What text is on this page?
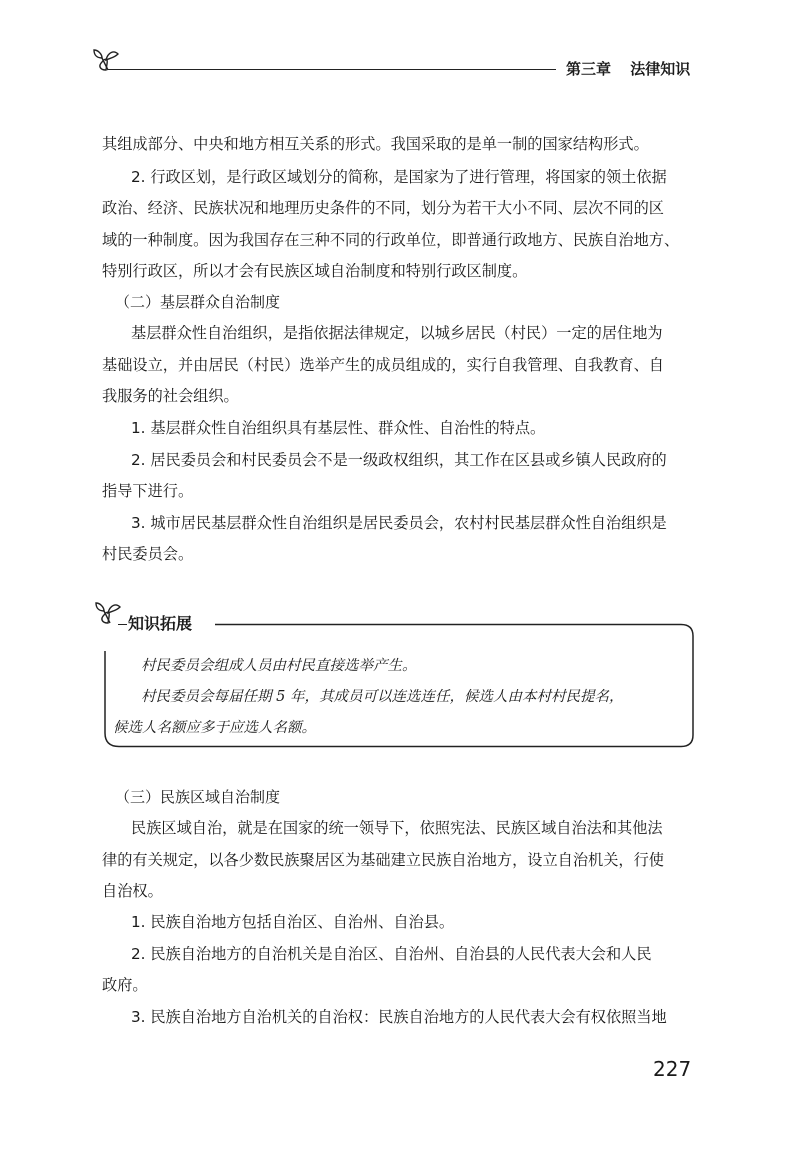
第三章 法律知识
其组成部分、中央和地方相互关系的形式。我国采取的是单一制的国家结构形式。
2. 行政区划，是行政区域划分的简称，是国家为了进行管理，将国家的领土依据
政治、经济、民族状况和地理历史条件的不同，划分为若干大小不同、层次不同的区
域的一种制度。因为我国存在三种不同的行政单位，即普通行政地方、民族自治地方、
特别行政区，所以才会有民族区域自治制度和特别行政区制度。
（二）基层群众自治制度
基层群众性自治组织，是指依据法律规定，以城乡居民（村民）一定的居住地为
基础设立，并由居民（村民）选举产生的成员组成的，实行自我管理、自我教育、自
我服务的社会组织。
1. 基层群众性自治组织具有基层性、群众性、自治性的特点。
2. 居民委员会和村民委员会不是一级政权组织，其工作在区县或乡镇人民政府的
指导下进行。
3. 城市居民基层群众性自治组织是居民委员会，农村村民基层群众性自治组织是
村民委员会。
知识拓展
村民委员会组成人员由村民直接选举产生。
村民委员会每届任期 5 年，其成员可以连选连任，候选人由本村村民提名，
候选人名额应多于应选人名额。
（三）民族区域自治制度
民族区域自治，就是在国家的统一领导下，依照宪法、民族区域自治法和其他法
律的有关规定，以各少数民族聚居区为基础建立民族自治地方，设立自治机关，行使
自治权。
1. 民族自治地方包括自治区、自治州、自治县。
2. 民族自治地方的自治机关是自治区、自治州、自治县的人民代表大会和人民
政府。
3. 民族自治地方自治机关的自治权：民族自治地方的人民代表大会有权依照当地
227
